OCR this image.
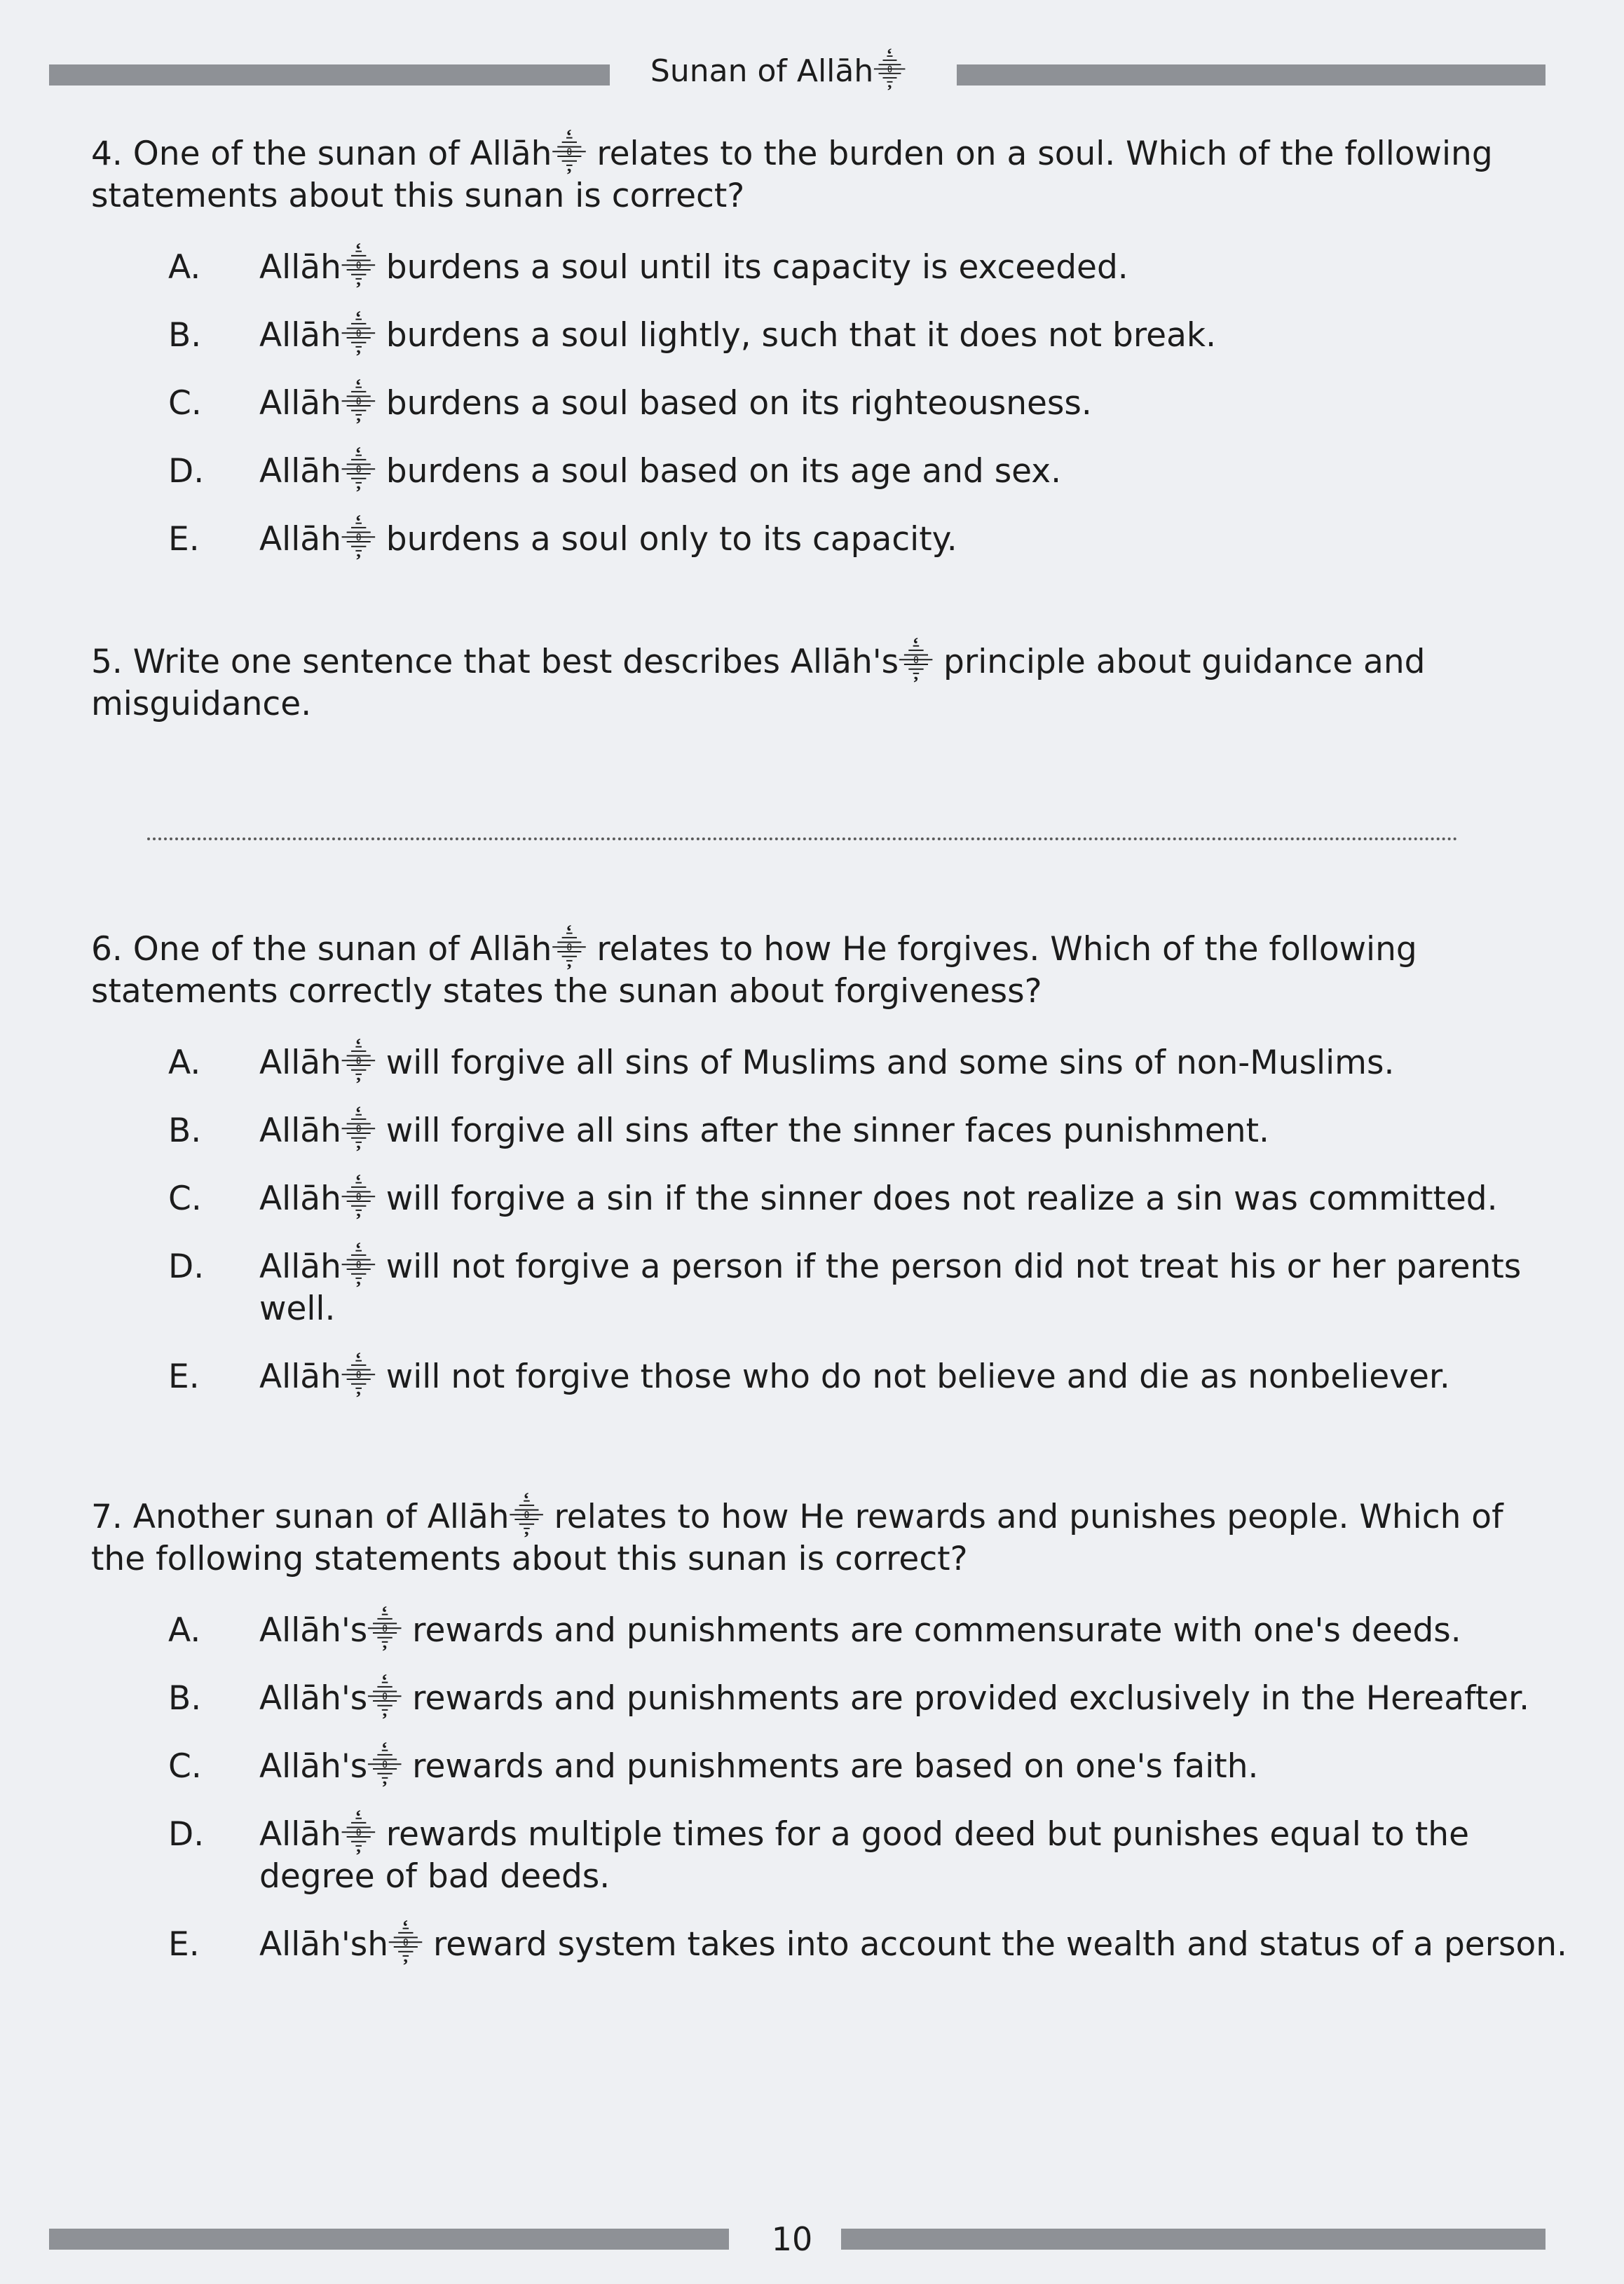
Sunan of Allāh⸎
4. One of the sunan of Allāh⸎ relates to the burden on a soul. Which of the following statements about this sunan is correct?
A.	Allāh⸎ burdens a soul until its capacity is exceeded.
B.	Allāh⸎ burdens a soul lightly, such that it does not break.
C.	Allāh⸎ burdens a soul based on its righteousness.
D.	Allāh⸎ burdens a soul based on its age and sex.
E.	Allāh⸎ burdens a soul only to its capacity.
5. Write one sentence that best describes Allāh's⸎ principle about guidance and misguidance.
6. One of the sunan of Allāh⸎ relates to how He forgives. Which of the following statements correctly states the sunan about forgiveness?
A.	Allāh⸎ will forgive all sins of Muslims and some sins of non-Muslims.
B.	Allāh⸎ will forgive all sins after the sinner faces punishment.
C.	Allāh⸎ will forgive a sin if the sinner does not realize a sin was committed.
D.	Allāh⸎ will not forgive a person if the person did not treat his or her parents well.
E.	Allāh⸎ will not forgive those who do not believe and die as nonbeliever.
7. Another sunan of Allāh⸎ relates to how He rewards and punishes people. Which of the following statements about this sunan is correct?
A.	Allāh's⸎ rewards and punishments are commensurate with one's deeds.
B.	Allāh's⸎ rewards and punishments are provided exclusively in the Hereafter.
C.	Allāh's⸎ rewards and punishments are based on one's faith.
D.	Allāh⸎ rewards multiple times for a good deed but punishes equal to the degree of bad deeds.
E.	Allāh'sh⸎ reward system takes into account the wealth and status of a person.
10
